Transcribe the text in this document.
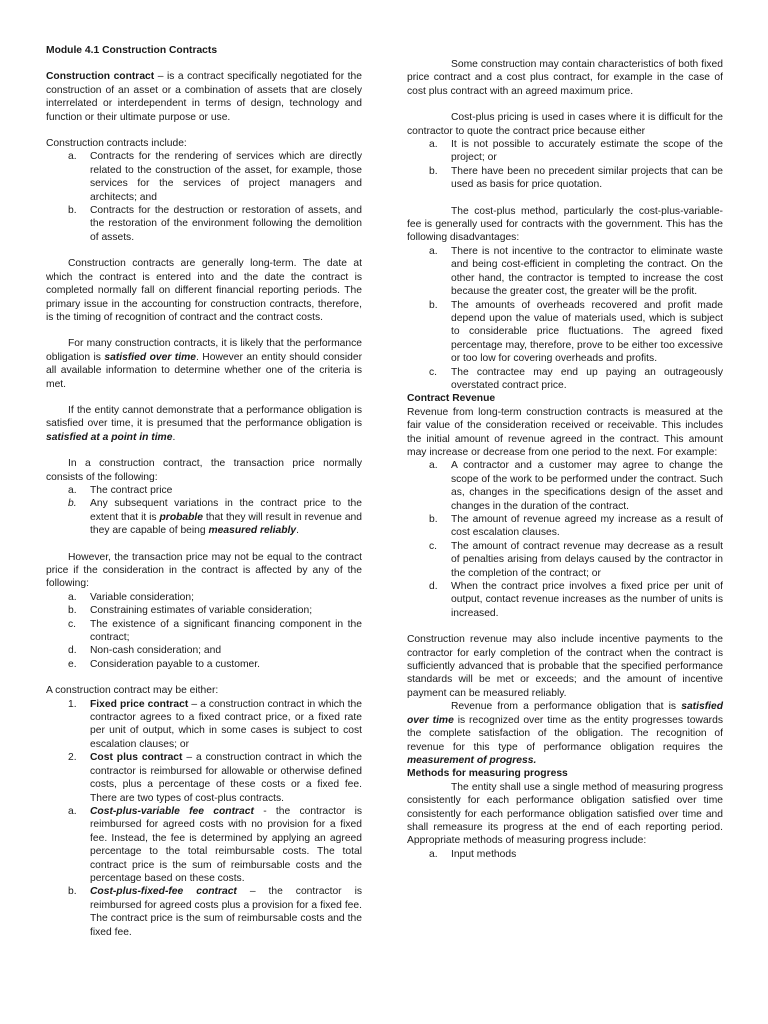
Module 4.1 Construction Contracts

Construction contract – is a contract specifically negotiated for the construction of an asset or a combination of assets that are closely interrelated or interdependent in terms of design, technology and function or their ultimate purpose or use.

Construction contracts include:

a. Contracts for the rendering of services which are directly related to the construction of the asset, for example, those services for the services of project managers and architects; and
b. Contracts for the destruction or restoration of assets, and the restoration of the environment following the demolition of assets.

Construction contracts are generally long-term. The date at which the contract is entered into and the date the contract is completed normally fall on different financial reporting periods. The primary issue in the accounting for construction contracts, therefore, is the timing of recognition of contract and the contract costs.

For many construction contracts, it is likely that the performance obligation is satisfied over time. However an entity should consider all available information to determine whether one of the criteria is met.

If the entity cannot demonstrate that a performance obligation is satisfied over time, it is presumed that the performance obligation is satisfied at a point in time.

In a construction contract, the transaction price normally consists of the following:

a. The contract price
b. Any subsequent variations in the contract price to the extent that it is probable that they will result in revenue and they are capable of being measured reliably.

However, the transaction price may not be equal to the contract price if the consideration in the contract is affected by any of the following:

a. Variable consideration;
b. Constraining estimates of variable consideration;
c. The existence of a significant financing component in the contract;
d. Non-cash consideration; and
e. Consideration payable to a customer.

A construction contract may be either:

1. Fixed price contract – a construction contract in which the contractor agrees to a fixed contract price, or a fixed rate per unit of output, which in some cases is subject to cost escalation clauses; or
2. Cost plus contract – a construction contract in which the contractor is reimbursed for allowable or otherwise defined costs, plus a percentage of these costs or a fixed fee. There are two types of cost-plus contracts.
a. Cost-plus-variable fee contract - the contractor is reimbursed for agreed costs with no provision for a fixed fee. Instead, the fee is determined by applying an agreed percentage to the total reimbursable costs. The total contract price is the sum of reimbursable costs and the percentage based on these costs.
b. Cost-plus-fixed-fee contract – the contractor is reimbursed for agreed costs plus a provision for a fixed fee. The contract price is the sum of reimbursable costs and the fixed fee.

Some construction may contain characteristics of both fixed price contract and a cost plus contract, for example in the case of cost plus contract with an agreed maximum price.

Cost-plus pricing is used in cases where it is difficult for the contractor to quote the contract price because either

a. It is not possible to accurately estimate the scope of the project; or
b. There have been no precedent similar projects that can be used as basis for price quotation.

The cost-plus method, particularly the cost-plus-variable-fee is generally used for contracts with the government. This has the following disadvantages:

a. There is not incentive to the contractor to eliminate waste and being cost-efficient in completing the contract. On the other hand, the contractor is tempted to increase the cost because the greater cost, the greater will be the profit.
b. The amounts of overheads recovered and profit made depend upon the value of materials used, which is subject to considerable price fluctuations. The agreed fixed percentage may, therefore, prove to be either too excessive or too low for covering overheads and profits.
c. The contractee may end up paying an outrageously overstated contract price.

Contract Revenue

Revenue from long-term construction contracts is measured at the fair value of the consideration received or receivable. This includes the initial amount of revenue agreed in the contract. This amount may increase or decrease from one period to the next. For example:

a. A contractor and a customer may agree to change the scope of the work to be performed under the contract. Such as, changes in the specifications design of the asset and changes in the duration of the contract.
b. The amount of revenue agreed my increase as a result of cost escalation clauses.
c. The amount of contract revenue may decrease as a result of penalties arising from delays caused by the contractor in the completion of the contract; or
d. When the contract price involves a fixed price per unit of output, contact revenue increases as the number of units is increased.

Construction revenue may also include incentive payments to the contractor for early completion of the contract when the contract is sufficiently advanced that is probable that the specified performance standards will be met or exceeds; and the amount of incentive payment can be measured reliably.

Revenue from a performance obligation that is satisfied over time is recognized over time as the entity progresses towards the complete satisfaction of the obligation. The recognition of revenue for this type of performance obligation requires the measurement of progress.

Methods for measuring progress

The entity shall use a single method of measuring progress consistently for each performance obligation satisfied over time consistently for each performance obligation satisfied over time and shall remeasure its progress at the end of each reporting period. Appropriate methods of measuring progress include:

a. Input methods
